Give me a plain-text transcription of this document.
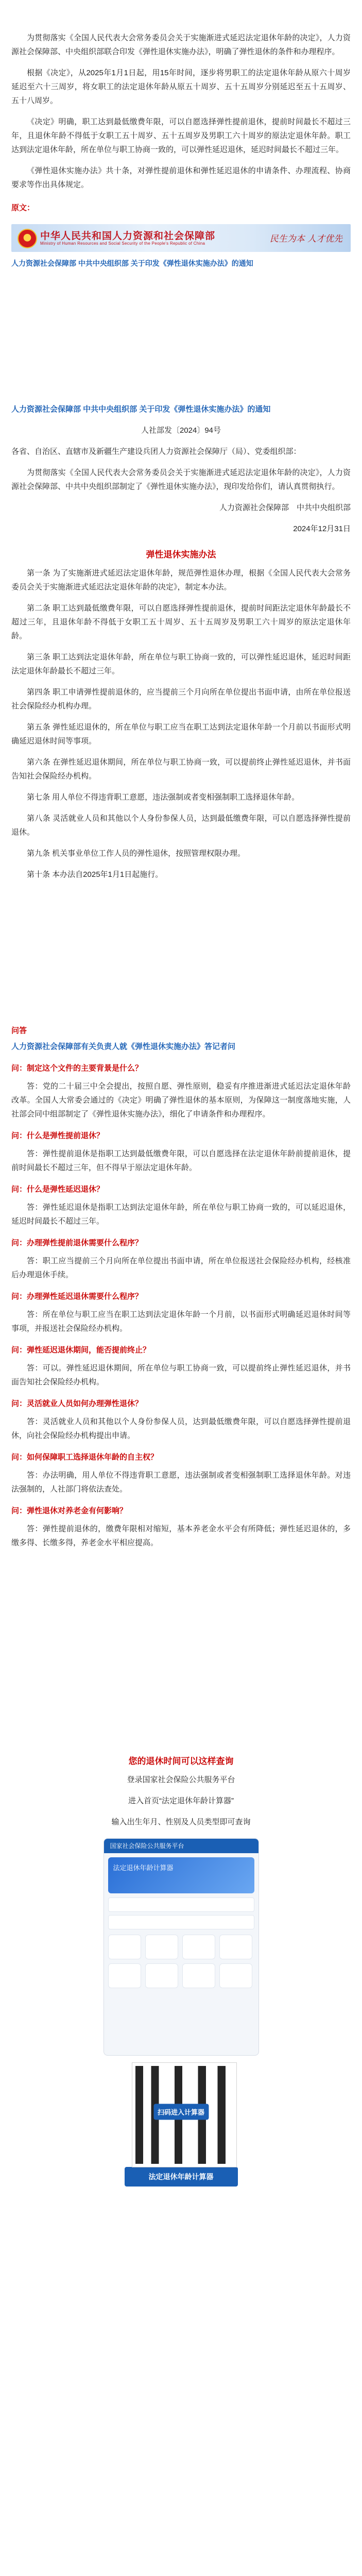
为贯彻落实《全国人民代表大会常务委员会关于实施渐进式延迟法定退休年龄的决定》，人力资源社会保障部、中央组织部联合印发《弹性退休实施办法》，明确了弹性退休的条件和办理程序。

根据《决定》，从2025年1月1日起，用15年时间，逐步将男职工的法定退休年龄从原六十周岁延迟至六十三周岁，将女职工的法定退休年龄从原五十周岁、五十五周岁分别延迟至五十五周岁、五十八周岁。

《决定》明确，职工达到最低缴费年限，可以自愿选择弹性提前退休，提前时间最长不超过三年，且退休年龄不得低于女职工五十周岁、五十五周岁及男职工六十周岁的原法定退休年龄。职工达到法定退休年龄，所在单位与职工协商一致的，可以弹性延迟退休，延迟时间最长不超过三年。

《弹性退休实施办法》共十条，对弹性提前退休和弹性延迟退休的申请条件、办理流程、协商要求等作出具体规定。

原文：

中华人民共和国人力资源和社会保障部
Ministry of Human Resources and Social Security of the People's Republic of China	民生为本 人才优先

人力资源社会保障部 中共中央组织部 关于印发《弹性退休实施办法》的通知

人力资源社会保障部 中共中央组织部 关于印发《弹性退休实施办法》的通知

人社部发〔2024〕94号

各省、自治区、直辖市及新疆生产建设兵团人力资源社会保障厅（局）、党委组织部：

为贯彻落实《全国人民代表大会常务委员会关于实施渐进式延迟法定退休年龄的决定》，人力资源社会保障部、中共中央组织部制定了《弹性退休实施办法》，现印发给你们，请认真贯彻执行。

人力资源社会保障部　中共中央组织部

2024年12月31日

弹性退休实施办法

第一条 为了实施渐进式延迟法定退休年龄，规范弹性退休办理，根据《全国人民代表大会常务委员会关于实施渐进式延迟法定退休年龄的决定》，制定本办法。

第二条 职工达到最低缴费年限，可以自愿选择弹性提前退休，提前时间距法定退休年龄最长不超过三年，且退休年龄不得低于女职工五十周岁、五十五周岁及男职工六十周岁的原法定退休年龄。

第三条 职工达到法定退休年龄，所在单位与职工协商一致的，可以弹性延迟退休，延迟时间距法定退休年龄最长不超过三年。

第四条 职工申请弹性提前退休的，应当提前三个月向所在单位提出书面申请，由所在单位报送社会保险经办机构办理。

第五条 弹性延迟退休的，所在单位与职工应当在职工达到法定退休年龄一个月前以书面形式明确延迟退休时间等事项。

第六条 在弹性延迟退休期间，所在单位与职工协商一致，可以提前终止弹性延迟退休，并书面告知社会保险经办机构。

第七条 用人单位不得违背职工意愿，违法强制或者变相强制职工选择退休年龄。

第八条 灵活就业人员和其他以个人身份参保人员，达到最低缴费年限，可以自愿选择弹性提前退休。

第九条 机关事业单位工作人员的弹性退休，按照管理权限办理。

第十条 本办法自2025年1月1日起施行。

问答

人力资源社会保障部有关负责人就《弹性退休实施办法》答记者问

问：制定这个文件的主要背景是什么？

答：党的二十届三中全会提出，按照自愿、弹性原则，稳妥有序推进渐进式延迟法定退休年龄改革。全国人大常委会通过的《决定》明确了弹性退休的基本原则，为保障这一制度落地实施，人社部会同中组部制定了《弹性退休实施办法》，细化了申请条件和办理程序。

问：什么是弹性提前退休？

答：弹性提前退休是指职工达到最低缴费年限，可以自愿选择在法定退休年龄前提前退休，提前时间最长不超过三年，但不得早于原法定退休年龄。

问：什么是弹性延迟退休？

答：弹性延迟退休是指职工达到法定退休年龄，所在单位与职工协商一致的，可以延迟退休，延迟时间最长不超过三年。

问：办理弹性提前退休需要什么程序？

答：职工应当提前三个月向所在单位提出书面申请，所在单位报送社会保险经办机构，经核准后办理退休手续。

问：办理弹性延迟退休需要什么程序？

答：所在单位与职工应当在职工达到法定退休年龄一个月前，以书面形式明确延迟退休时间等事项，并报送社会保险经办机构。

问：弹性延迟退休期间，能否提前终止？

答：可以。弹性延迟退休期间，所在单位与职工协商一致，可以提前终止弹性延迟退休，并书面告知社会保险经办机构。

问：灵活就业人员如何办理弹性退休？

答：灵活就业人员和其他以个人身份参保人员，达到最低缴费年限，可以自愿选择弹性提前退休，向社会保险经办机构提出申请。

问：如何保障职工选择退休年龄的自主权？

答：办法明确，用人单位不得违背职工意愿，违法强制或者变相强制职工选择退休年龄。对违法强制的，人社部门将依法查处。

问：弹性退休对养老金有何影响？

答：弹性提前退休的，缴费年限相对缩短，基本养老金水平会有所降低；弹性延迟退休的，多缴多得、长缴多得，养老金水平相应提高。

您的退休时间可以这样查询

登录国家社会保险公共服务平台

进入首页“法定退休年龄计算器”

输入出生年月、性别及人员类型即可查询

国家社会保险公共服务平台
法定退休年龄计算器
扫码进入计算器
法定退休年龄计算器
